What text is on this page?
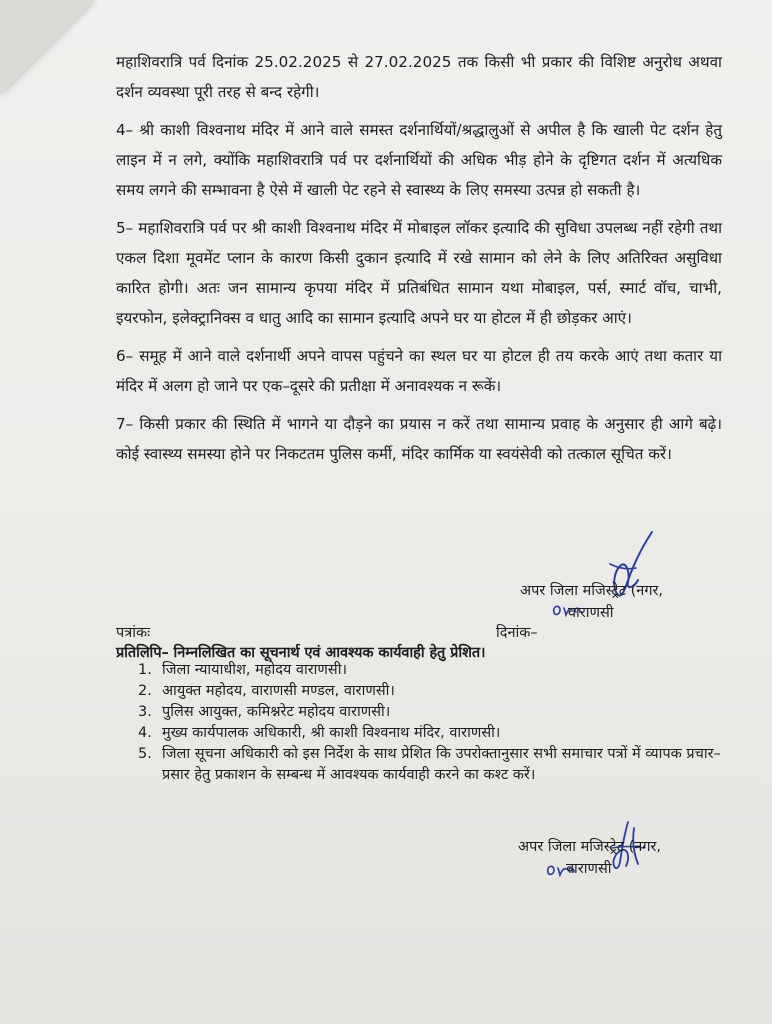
महाशिवरात्रि पर्व दिनांक 25.02.2025 से 27.02.2025 तक किसी भी प्रकार की विशिष्ट अनुरोध अथवा दर्शन व्यवस्था पूरी तरह से बन्द रहेगी।

4– श्री काशी विश्वनाथ मंदिर में आने वाले समस्त दर्शनार्थियों/श्रद्धालुओं से अपील है कि खाली पेट दर्शन हेतु लाइन में न लगे, क्योंकि महाशिवरात्रि पर्व पर दर्शनार्थियों की अधिक भीड़ होने के दृष्टिगत दर्शन में अत्यधिक समय लगने की सम्भावना है ऐसे में खाली पेट रहने से स्वास्थ्य के लिए समस्या उत्पन्न हो सकती है।

5– महाशिवरात्रि पर्व पर श्री काशी विश्वनाथ मंदिर में मोबाइल लॉकर इत्यादि की सुविधा उपलब्ध नहीं रहेगी तथा एकल दिशा मूवमेंट प्लान के कारण किसी दुकान इत्यादि में रखे सामान को लेने के लिए अतिरिक्त असुविधा कारित होगी। अतः जन सामान्य कृपया मंदिर में प्रतिबंधित सामान यथा मोबाइल, पर्स, स्मार्ट वॉच, चाभी, इयरफोन, इलेक्ट्रानिक्स व धातु आदि का सामान इत्यादि अपने घर या होटल में ही छोड़कर आएं।

6– समूह में आने वाले दर्शनार्थी अपने वापस पहुंचने का स्थल घर या होटल ही तय करके आएं तथा कतार या मंदिर में अलग हो जाने पर एक–दूसरे की प्रतीक्षा में अनावश्यक न रूकें।

7– किसी प्रकार की स्थिति में भागने या दौड़ने का प्रयास न करें तथा सामान्य प्रवाह के अनुसार ही आगे बढ़े। कोई स्वास्थ्य समस्या होने पर निकटतम पुलिस कर्मी, मंदिर कार्मिक या स्वयंसेवी को तत्काल सूचित करें।

अपर जिला मजिस्ट्रेट (नगर,
वाराणसी
पत्रांकः	दिनांक–
प्रतिलिपि– निम्नलिखित का सूचनार्थ एवं आवश्यक कार्यवाही हेतु प्रेशित।
1. जिला न्यायाधीश, महोदय वाराणसी।
2. आयुक्त महोदय, वाराणसी मण्डल, वाराणसी।
3. पुलिस आयुक्त, कमिश्नरेट महोदय वाराणसी।
4. मुख्य कार्यपालक अधिकारी, श्री काशी विश्वनाथ मंदिर, वाराणसी।
5. जिला सूचना अधिकारी को इस निर्देश के साथ प्रेशित कि उपरोक्तानुसार सभी समाचार पत्रों में व्यापक प्रचार–प्रसार हेतु प्रकाशन के सम्बन्ध में आवश्यक कार्यवाही करने का कश्ट करें।
अपर जिला मजिस्ट्रेट (नगर,
वाराणसी
